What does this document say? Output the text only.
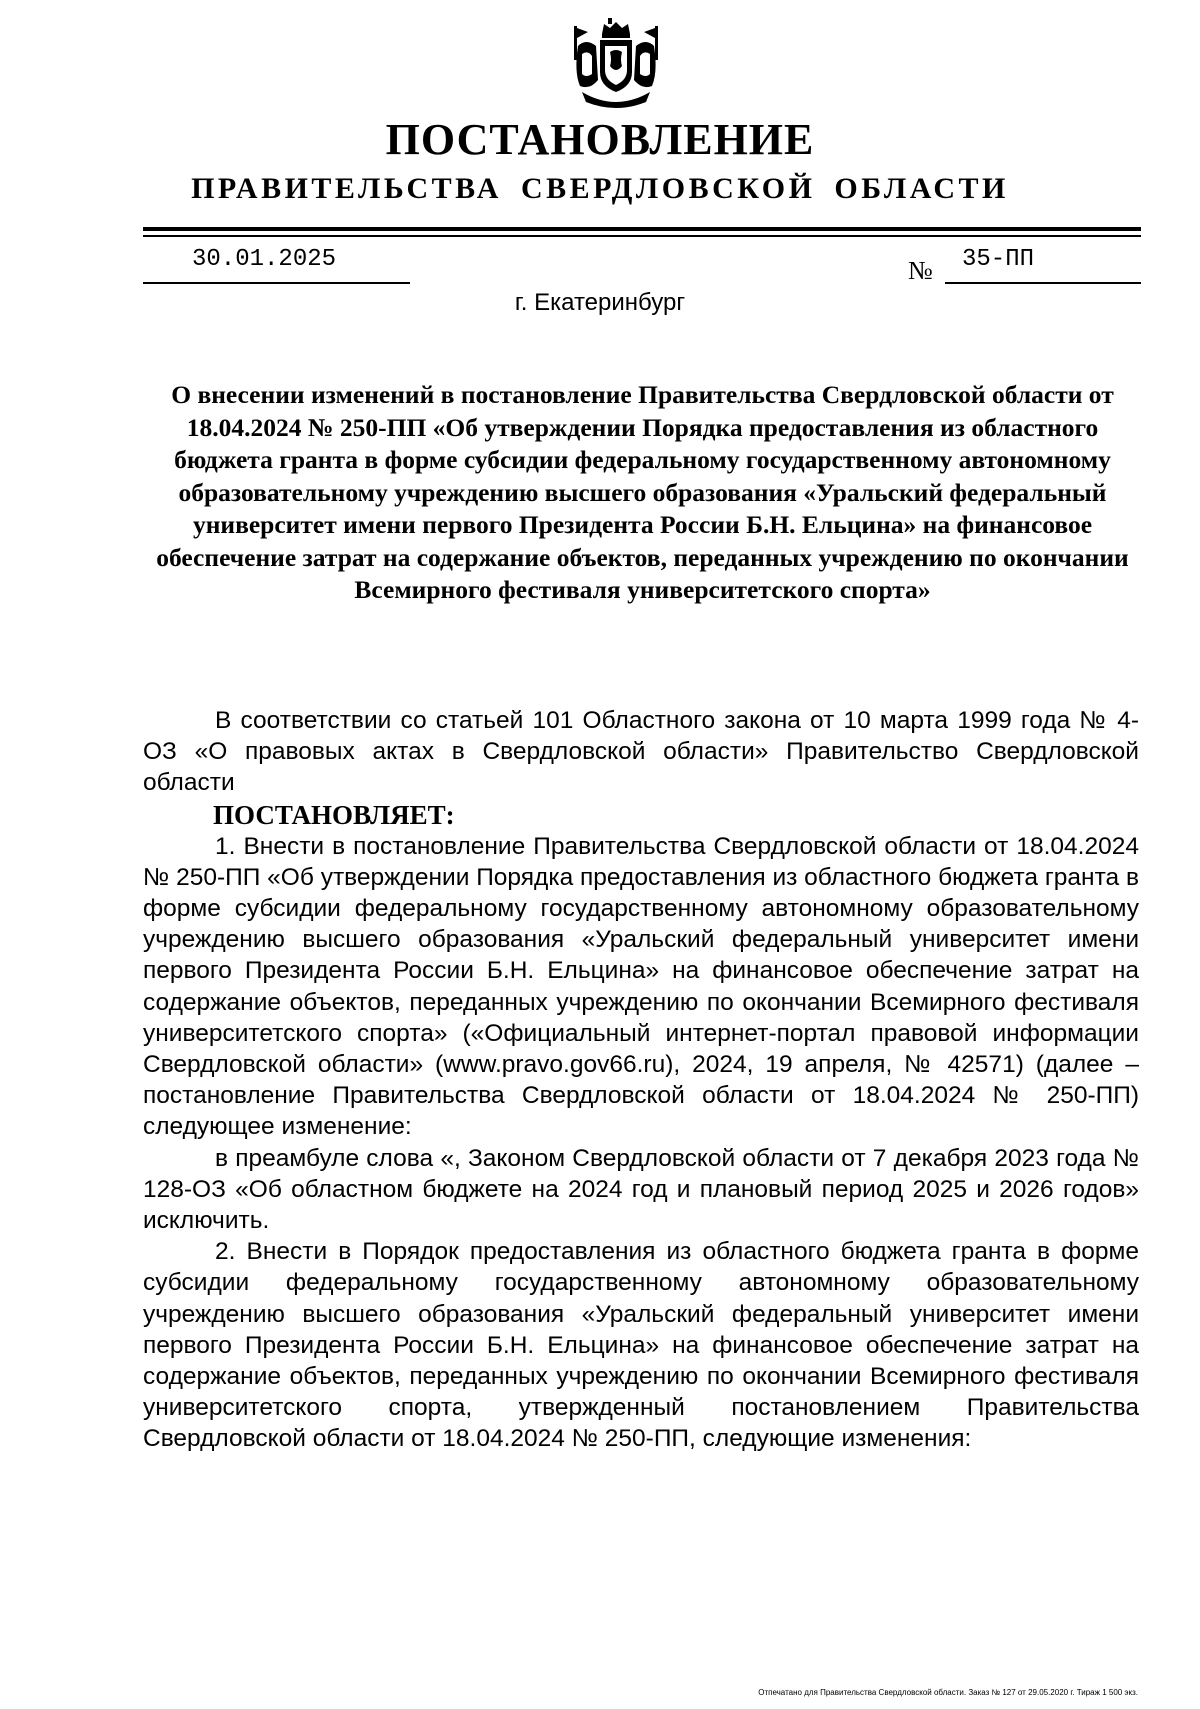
ПОСТАНОВЛЕНИЕ
ПРАВИТЕЛЬСТВА СВЕРДЛОВСКОЙ ОБЛАСТИ
30.01.2025	№ 35-ПП
г. Екатеринбург

О внесении изменений в постановление Правительства Свердловской области от 18.04.2024 № 250-ПП «Об утверждении Порядка предоставления из областного бюджета гранта в форме субсидии федеральному государственному автономному образовательному учреждению высшего образования «Уральский федеральный университет имени первого Президента России Б.Н. Ельцина» на финансовое обеспечение затрат на содержание объектов, переданных учреждению по окончании Всемирного фестиваля университетского спорта»

В соответствии со статьей 101 Областного закона от 10 марта 1999 года № 4-ОЗ «О правовых актах в Свердловской области» Правительство Свердловской области

ПОСТАНОВЛЯЕТ:

1. Внести в постановление Правительства Свердловской области от 18.04.2024 № 250-ПП «Об утверждении Порядка предоставления из областного бюджета гранта в форме субсидии федеральному государственному автономному образовательному учреждению высшего образования «Уральский федеральный университет имени первого Президента России Б.Н. Ельцина» на финансовое обеспечение затрат на содержание объектов, переданных учреждению по окончании Всемирного фестиваля университетского спорта» («Официальный интернет-портал правовой информации Свердловской области» (www.pravo.gov66.ru), 2024, 19 апреля, № 42571) (далее – постановление Правительства Свердловской области от 18.04.2024 № 250-ПП) следующее изменение:

в преамбуле слова «, Законом Свердловской области от 7 декабря 2023 года № 128-ОЗ «Об областном бюджете на 2024 год и плановый период 2025 и 2026 годов» исключить.

2. Внести в Порядок предоставления из областного бюджета гранта в форме субсидии федеральному государственному автономному образовательному учреждению высшего образования «Уральский федеральный университет имени первого Президента России Б.Н. Ельцина» на финансовое обеспечение затрат на содержание объектов, переданных учреждению по окончании Всемирного фестиваля университетского спорта, утвержденный постановлением Правительства Свердловской области от 18.04.2024 № 250-ПП, следующие изменения:

Отпечатано для Правительства Свердловской области. Заказ № 127 от 29.05.2020 г. Тираж 1 500 экз.
